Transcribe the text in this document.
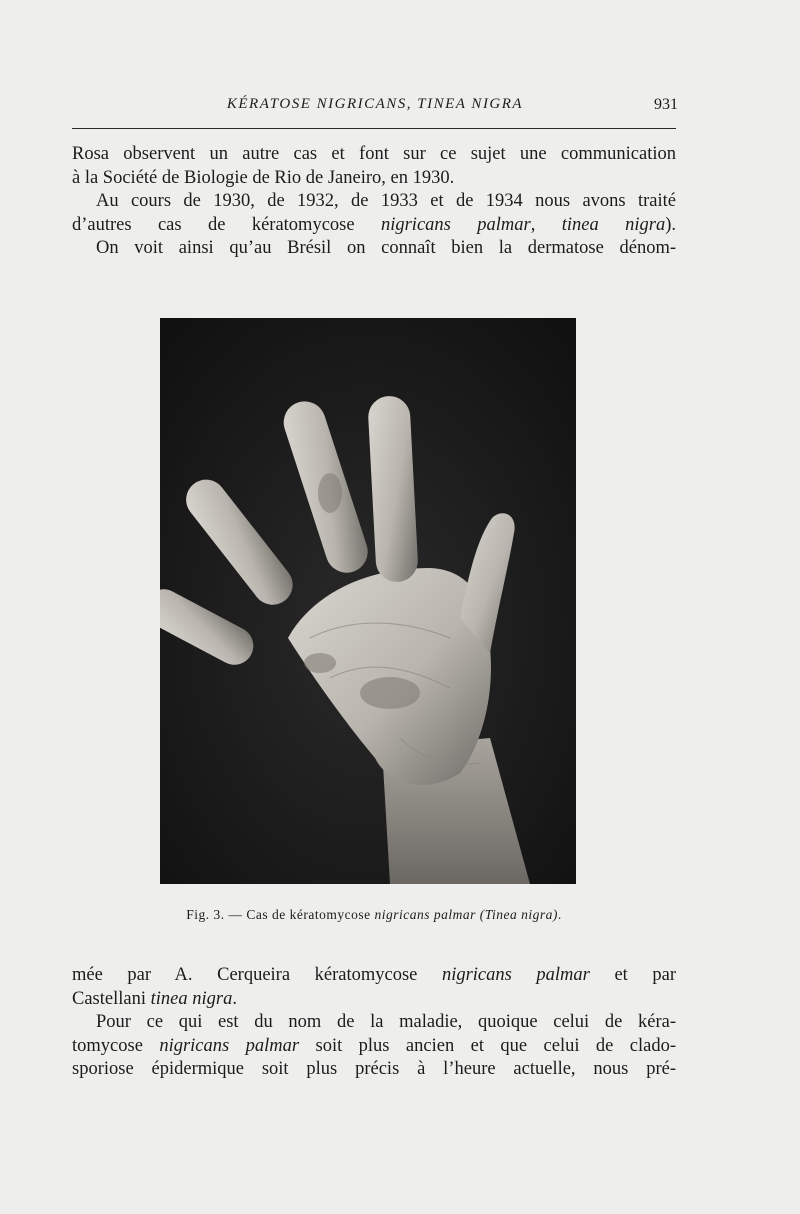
KÉRATOSE NIGRICANS, TINEA NIGRA	931

Rosa observent un autre cas et font sur ce sujet une communication

à la Société de Biologie de Rio de Janeiro, en 1930.

Au cours de 1930, de 1932, de 1933 et de 1934 nous avons traité

d’autres cas de kératomycose nigricans palmar, tinea nigra).

On voit ainsi qu’au Brésil on connaît bien la dermatose dénom-

Fig. 3. — Cas de kératomycose nigricans palmar (Tinea nigra).

mée par A. Cerqueira kératomycose nigricans palmar et par

Castellani tinea nigra.

Pour ce qui est du nom de la maladie, quoique celui de kéra-

tomycose nigricans palmar soit plus ancien et que celui de clado-

sporiose épidermique soit plus précis à l’heure actuelle, nous pré-
